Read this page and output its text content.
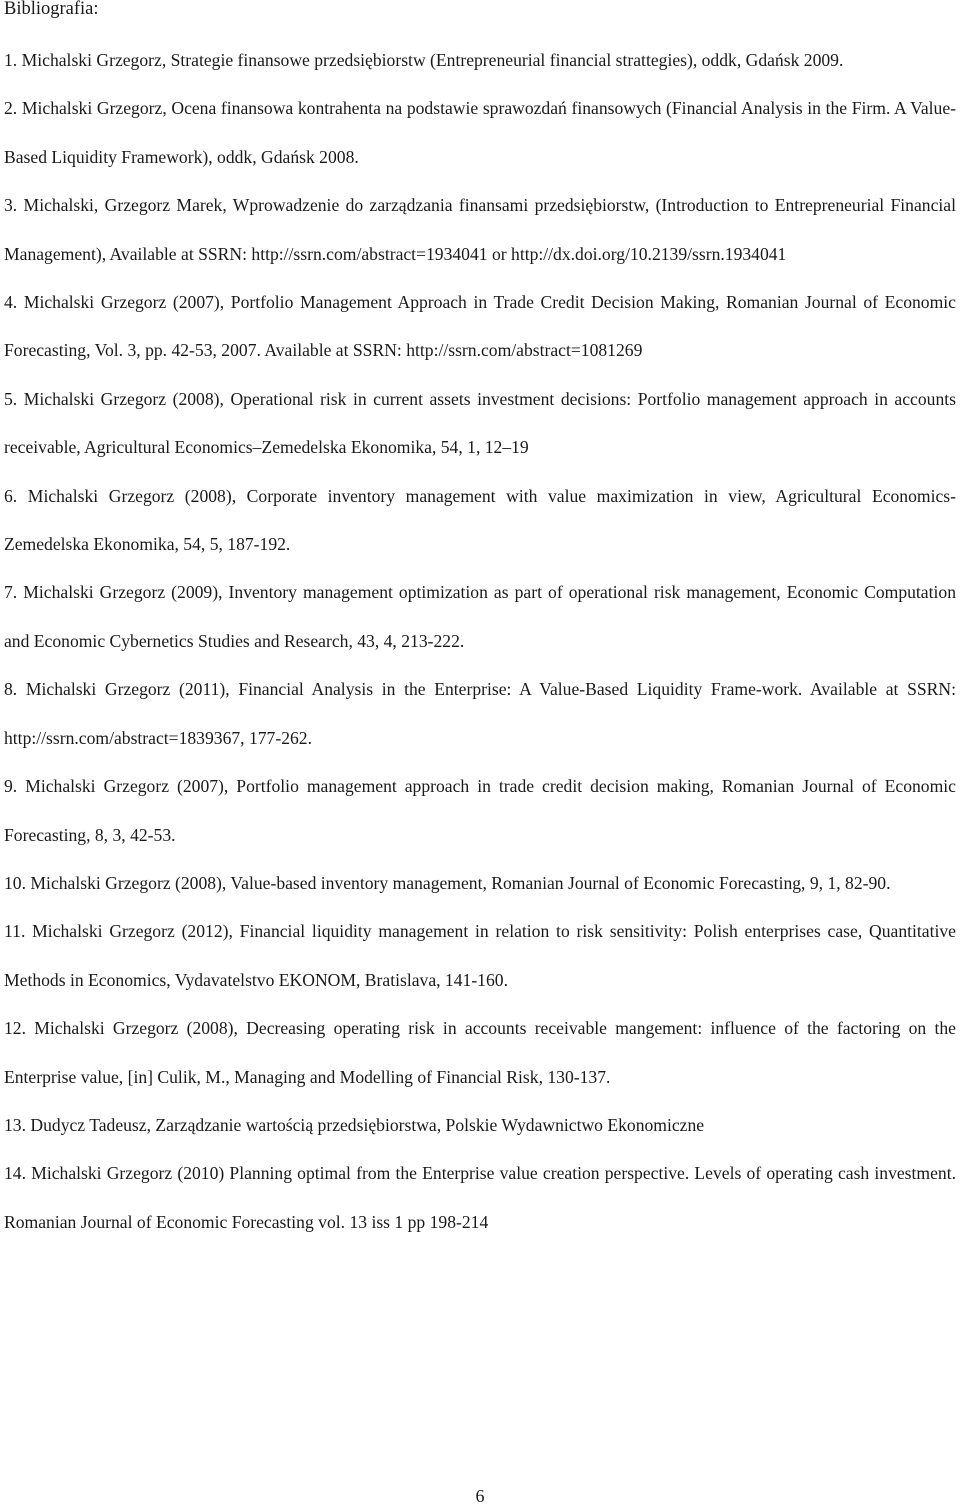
Bibliografia:
1. Michalski Grzegorz, Strategie finansowe przedsiębiorstw (Entrepreneurial financial strattegies), oddk, Gdańsk 2009.
2. Michalski Grzegorz, Ocena finansowa kontrahenta na podstawie sprawozdań finansowych (Financial Analysis in the Firm. A Value-Based Liquidity Framework), oddk, Gdańsk 2008.
3. Michalski, Grzegorz Marek, Wprowadzenie do zarządzania finansami przedsiębiorstw, (Introduction to Entrepreneurial Financial Management), Available at SSRN: http://ssrn.com/abstract=1934041 or http://dx.doi.org/10.2139/ssrn.1934041
4. Michalski Grzegorz (2007), Portfolio Management Approach in Trade Credit Decision Making, Romanian Journal of Economic Forecasting, Vol. 3, pp. 42-53, 2007. Available at SSRN: http://ssrn.com/abstract=1081269
5. Michalski Grzegorz (2008), Operational risk in current assets investment decisions: Portfolio management approach in accounts receivable, Agricultural Economics–Zemedelska Ekonomika, 54, 1, 12–19
6. Michalski Grzegorz (2008), Corporate inventory management with value maximization in view, Agricultural Economics-Zemedelska Ekonomika, 54, 5, 187-192.
7. Michalski Grzegorz (2009), Inventory management optimization as part of operational risk management, Economic Computation and Economic Cybernetics Studies and Research, 43, 4, 213-222.
8. Michalski Grzegorz (2011), Financial Analysis in the Enterprise: A Value-Based Liquidity Frame-work. Available at SSRN: http://ssrn.com/abstract=1839367, 177-262.
9. Michalski Grzegorz (2007), Portfolio management approach in trade credit decision making, Romanian Journal of Economic Forecasting, 8, 3, 42-53.
10. Michalski Grzegorz (2008), Value-based inventory management, Romanian Journal of Economic Forecasting, 9, 1, 82-90.
11. Michalski Grzegorz (2012), Financial liquidity management in relation to risk sensitivity: Polish enterprises case, Quantitative Methods in Economics, Vydavatelstvo EKONOM, Bratislava, 141-160.
12. Michalski Grzegorz (2008), Decreasing operating risk in accounts receivable mangement: influence of the factoring on the Enterprise value, [in] Culik, M., Managing and Modelling of Financial Risk, 130-137.
13. Dudycz Tadeusz, Zarządzanie wartością przedsiębiorstwa, Polskie Wydawnictwo Ekonomiczne
14. Michalski Grzegorz (2010) Planning optimal from the Enterprise value creation perspective. Levels of operating cash investment. Romanian Journal of Economic Forecasting vol. 13 iss 1 pp 198-214
6
